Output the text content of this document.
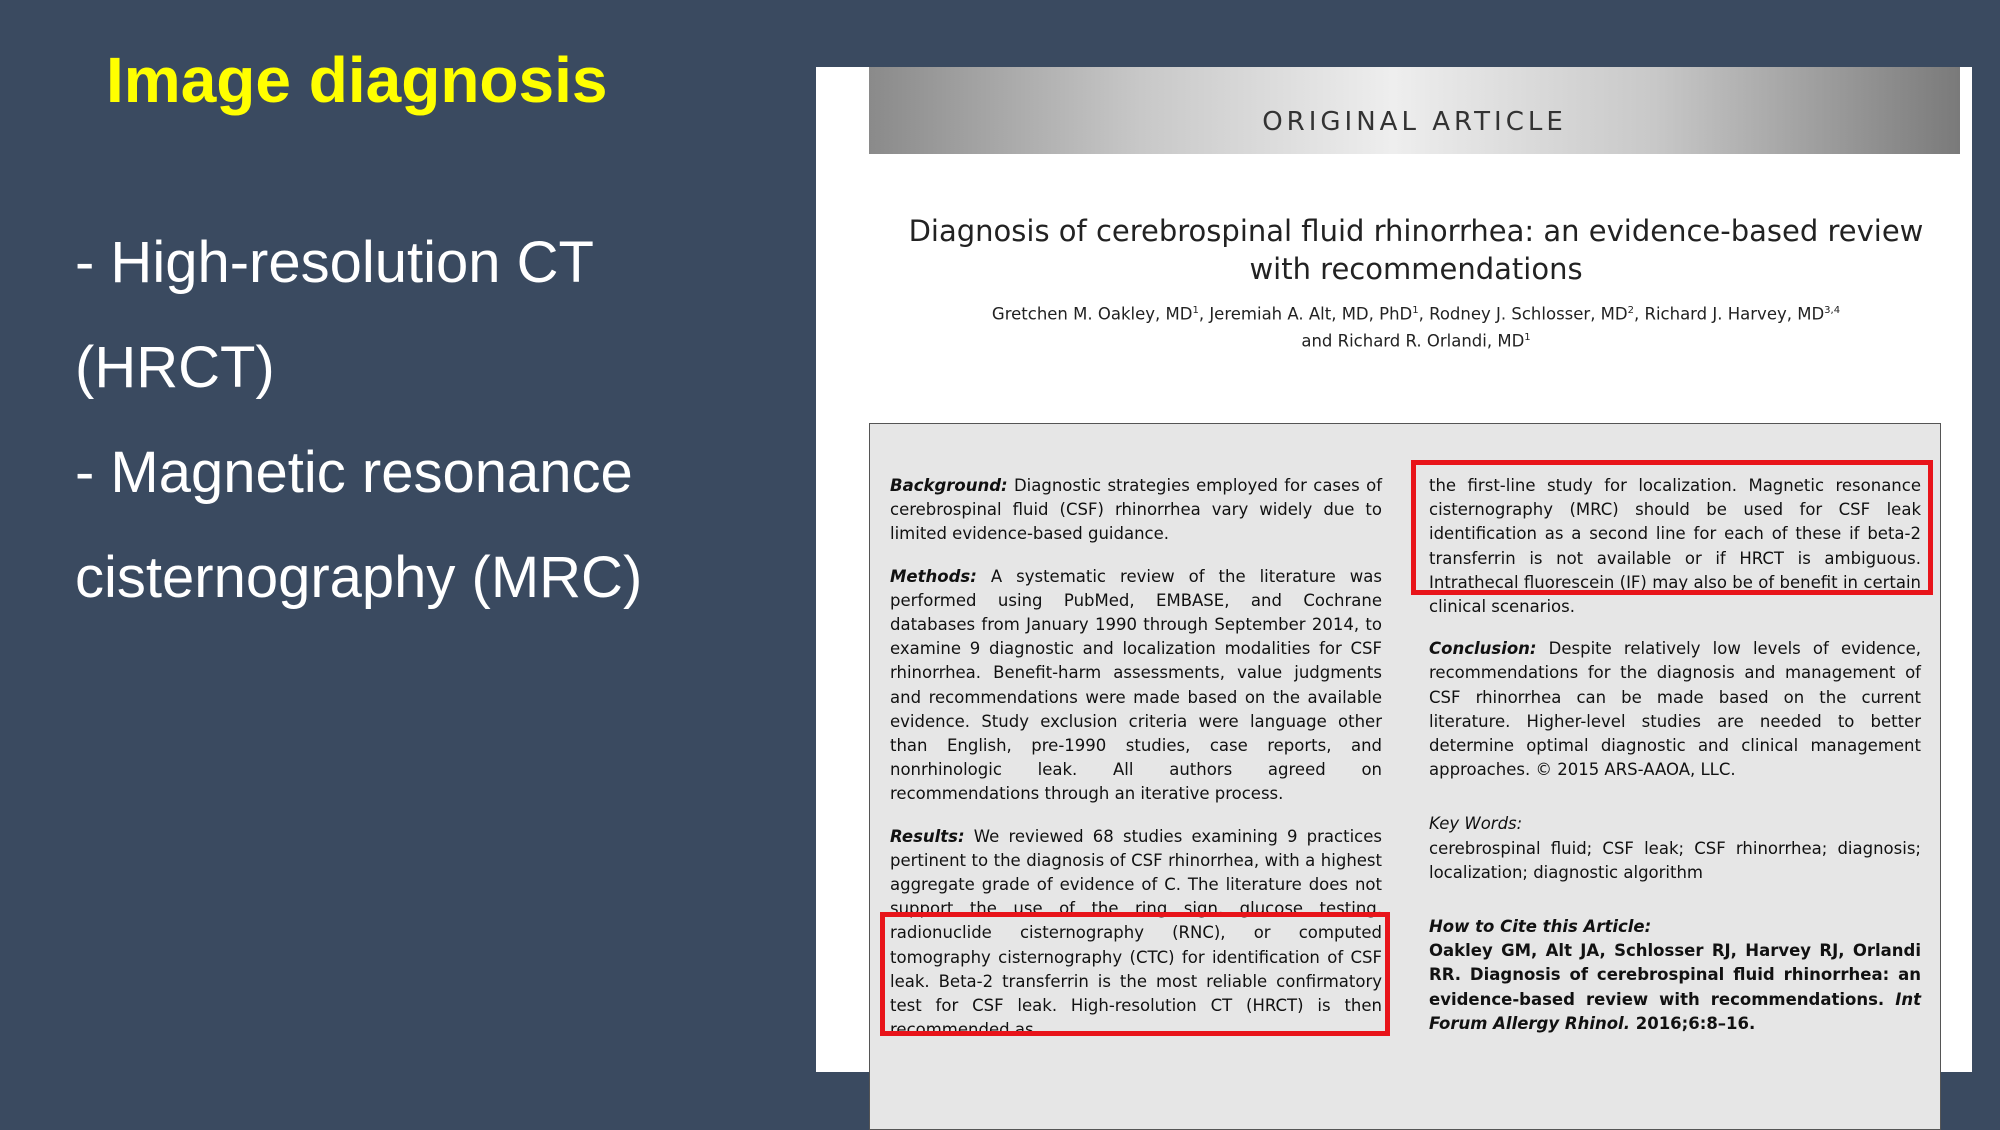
Image diagnosis
- High-resolution CT
(HRCT)
- Magnetic resonance
cisternography (MRC)
ORIGINAL ARTICLE
Diagnosis of cerebrospinal fluid rhinorrhea: an evidence-based review
with recommendations
Gretchen M. Oakley, $MD^1$, Jeremiah A. Alt, MD, PhD$^1$, Rodney J. Schlosser, $MD^2$, Richard J. Harvey, MD$^{3,4}$
and Richard R. Orlandi, $MD^1$

Background: Diagnostic strategies employed for cases of cerebrospinal fluid (CSF) rhinorrhea vary widely due to limited evidence-based guidance.

Methods: A systematic review of the literature was performed using PubMed, EMBASE, and Cochrane databases from January 1990 through September 2014, to examine 9 diagnostic and localization modalities for CSF rhinorrhea. Benefit-harm assessments, value judgments and recommendations were made based on the available evidence. Study exclusion criteria were language other than English, pre-1990 studies, case reports, and nonrhinologic leak. All authors agreed on recommendations through an iterative process.

Results: We reviewed 68 studies examining 9 practices pertinent to the diagnosis of CSF rhinorrhea, with a highest aggregate grade of evidence of C. The literature does not support the use of the ring sign, glucose testing, radionuclide cisternography (RNC), or computed tomography cisternography (CTC) for identification of CSF leak. Beta-2 transferrin is the most reliable confirmatory test for CSF leak. High-resolution CT (HRCT) is then recommended as

the first-line study for localization. Magnetic resonance cisternography (MRC) should be used for CSF leak identification as a second line for each of these if beta-2 transferrin is not available or if HRCT is ambiguous. Intrathecal fluorescein (IF) may also be of benefit in certain clinical scenarios.

Conclusion: Despite relatively low levels of evidence, recommendations for the diagnosis and management of CSF rhinorrhea can be made based on the current literature. Higher-level studies are needed to better determine optimal diagnostic and clinical management approaches. © 2015 ARS-AAOA, LLC.

Key Words:
cerebrospinal fluid; CSF leak; CSF rhinorrhea; diagnosis; localization; diagnostic algorithm

How to Cite this Article:
Oakley GM, Alt JA, Schlosser RJ, Harvey RJ, Orlandi RR. Diagnosis of cerebrospinal fluid rhinorrhea: an evidence-based review with recommendations. Int Forum Allergy Rhinol. 2016;6:8–16.
